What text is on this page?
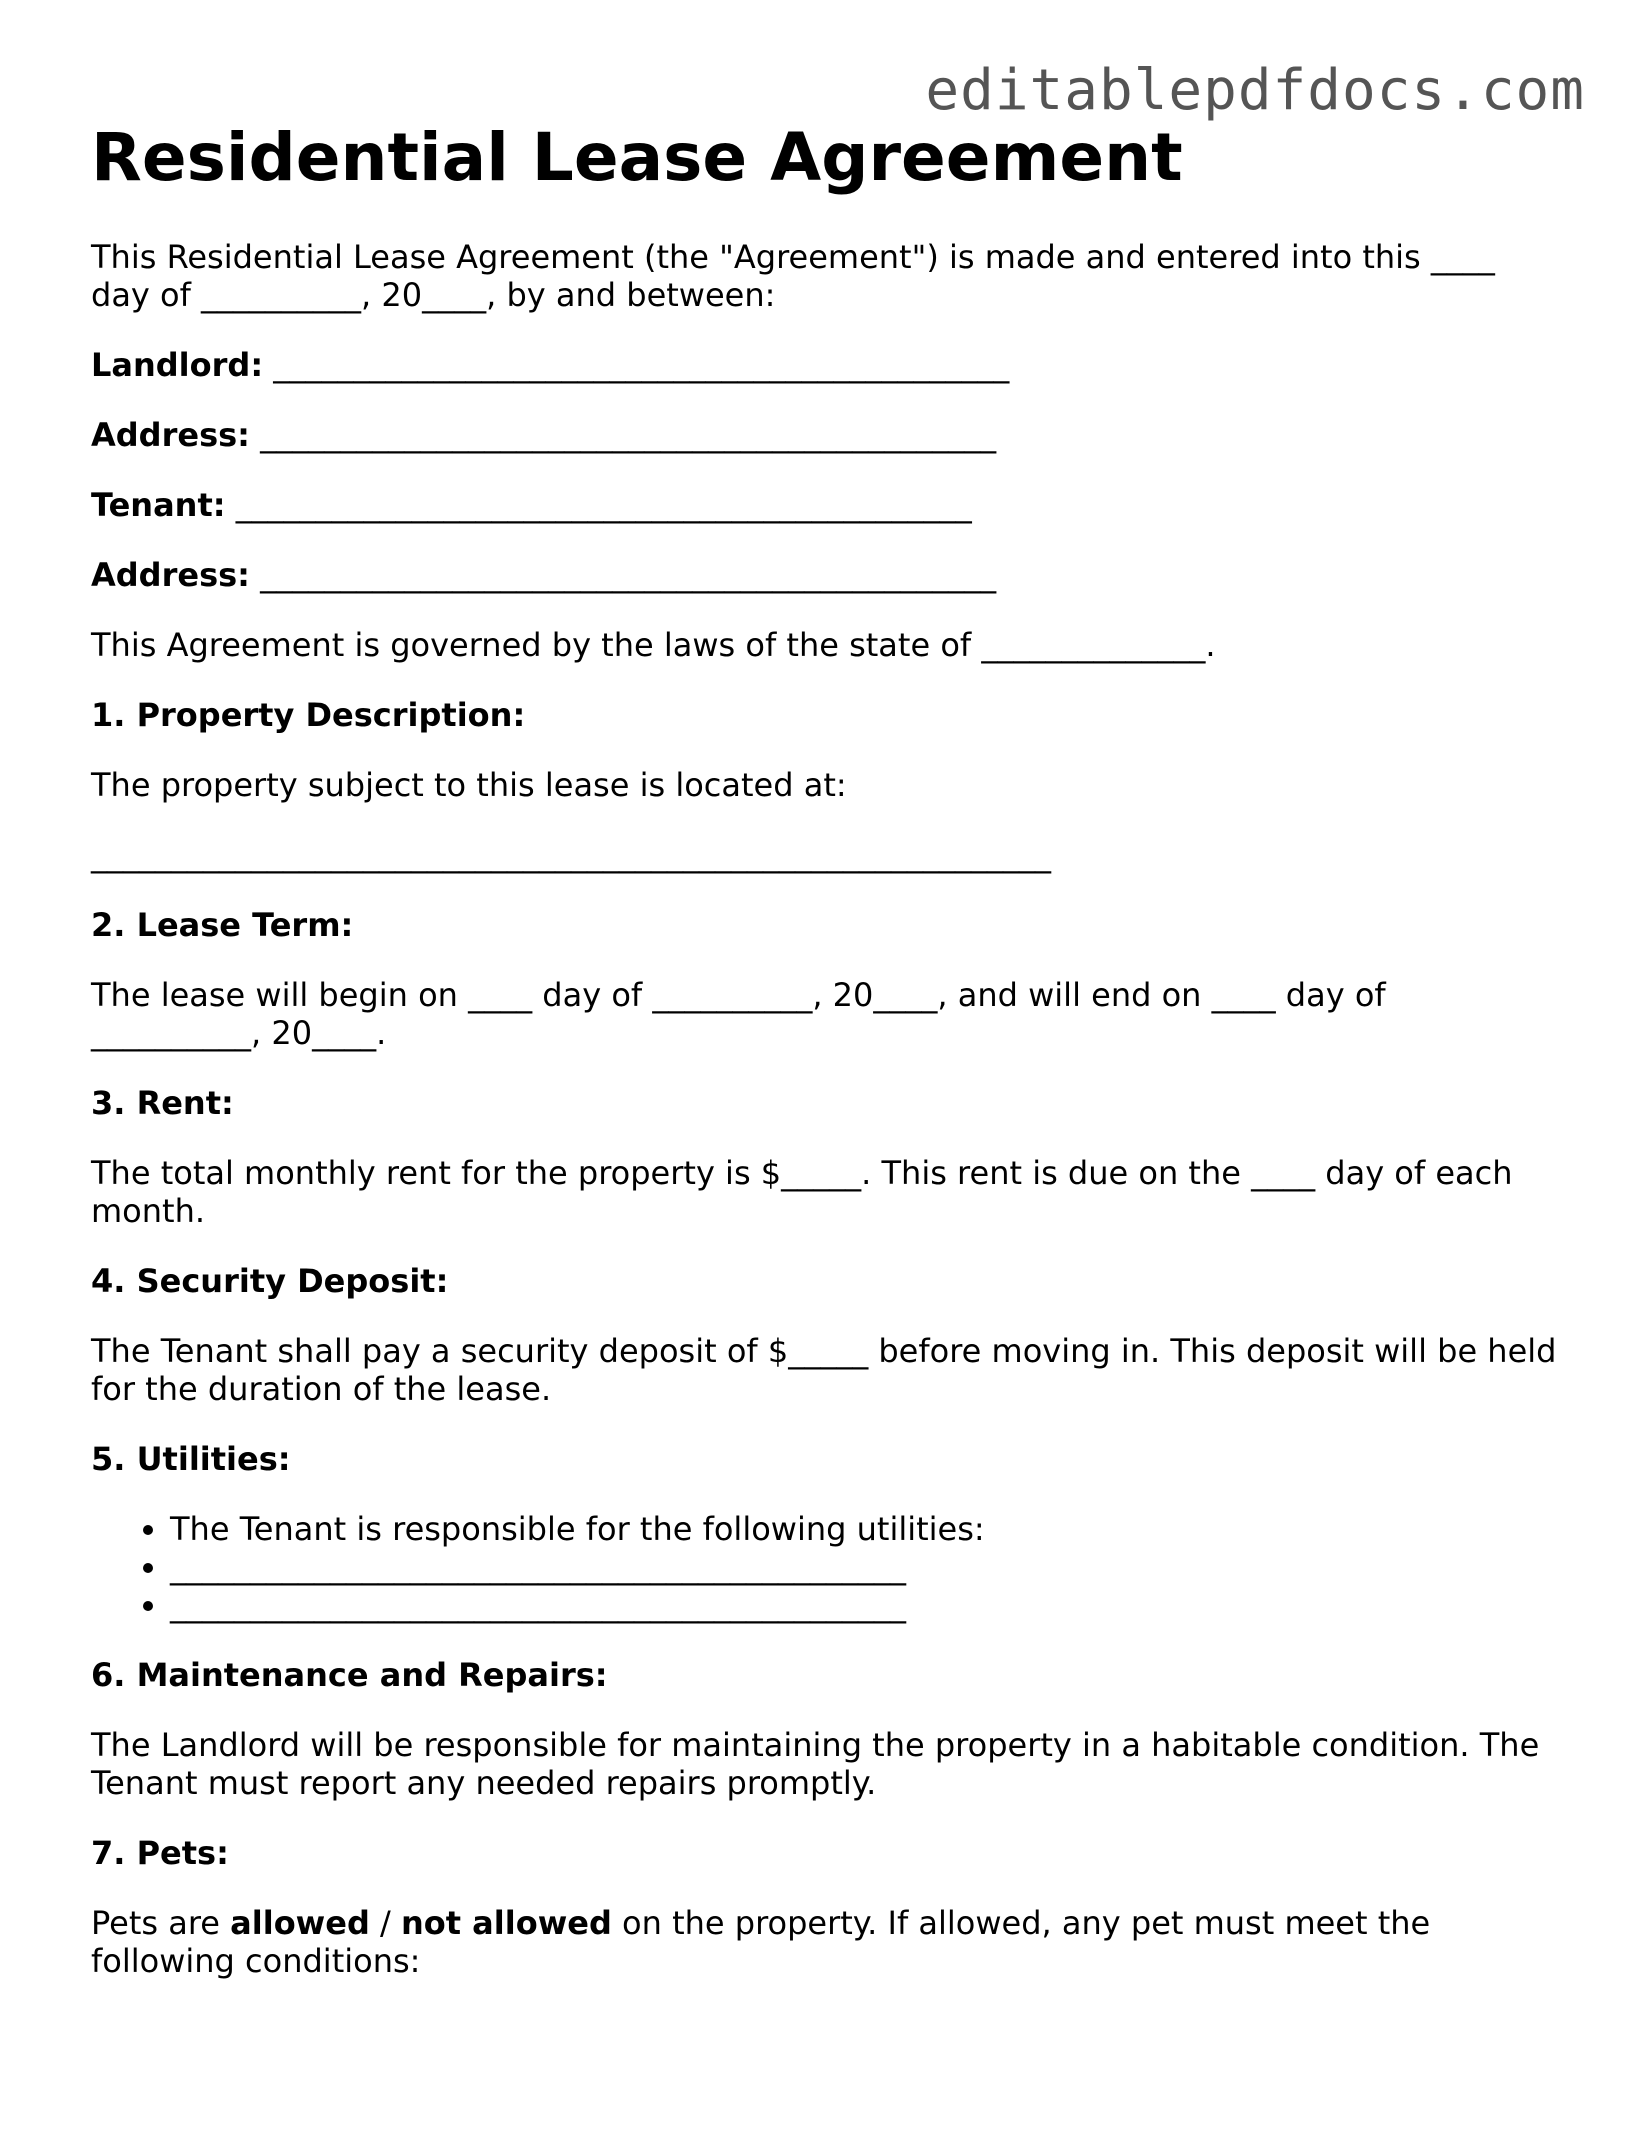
editablepdfdocs.com
Residential Lease Agreement

This Residential Lease Agreement (the "Agreement") is made and entered into this ____
day of __________, 20____, by and between:

Landlord: ______________________________________________
Address: ______________________________________________
Tenant: ______________________________________________
Address: ______________________________________________

This Agreement is governed by the laws of the state of ______________.

1. Property Description:

The property subject to this lease is located at:

____________________________________________________________

2. Lease Term:

The lease will begin on ____ day of __________, 20____, and will end on ____ day of
__________, 20____.

3. Rent:

The total monthly rent for the property is $_____. This rent is due on the ____ day of each
month.

4. Security Deposit:

The Tenant shall pay a security deposit of $_____ before moving in. This deposit will be held
for the duration of the lease.

5. Utilities:
• The Tenant is responsible for the following utilities:
• ______________________________________________
• ______________________________________________
6. Maintenance and Repairs:

The Landlord will be responsible for maintaining the property in a habitable condition. The
Tenant must report any needed repairs promptly.

7. Pets:

Pets are allowed / not allowed on the property. If allowed, any pet must meet the
following conditions:
